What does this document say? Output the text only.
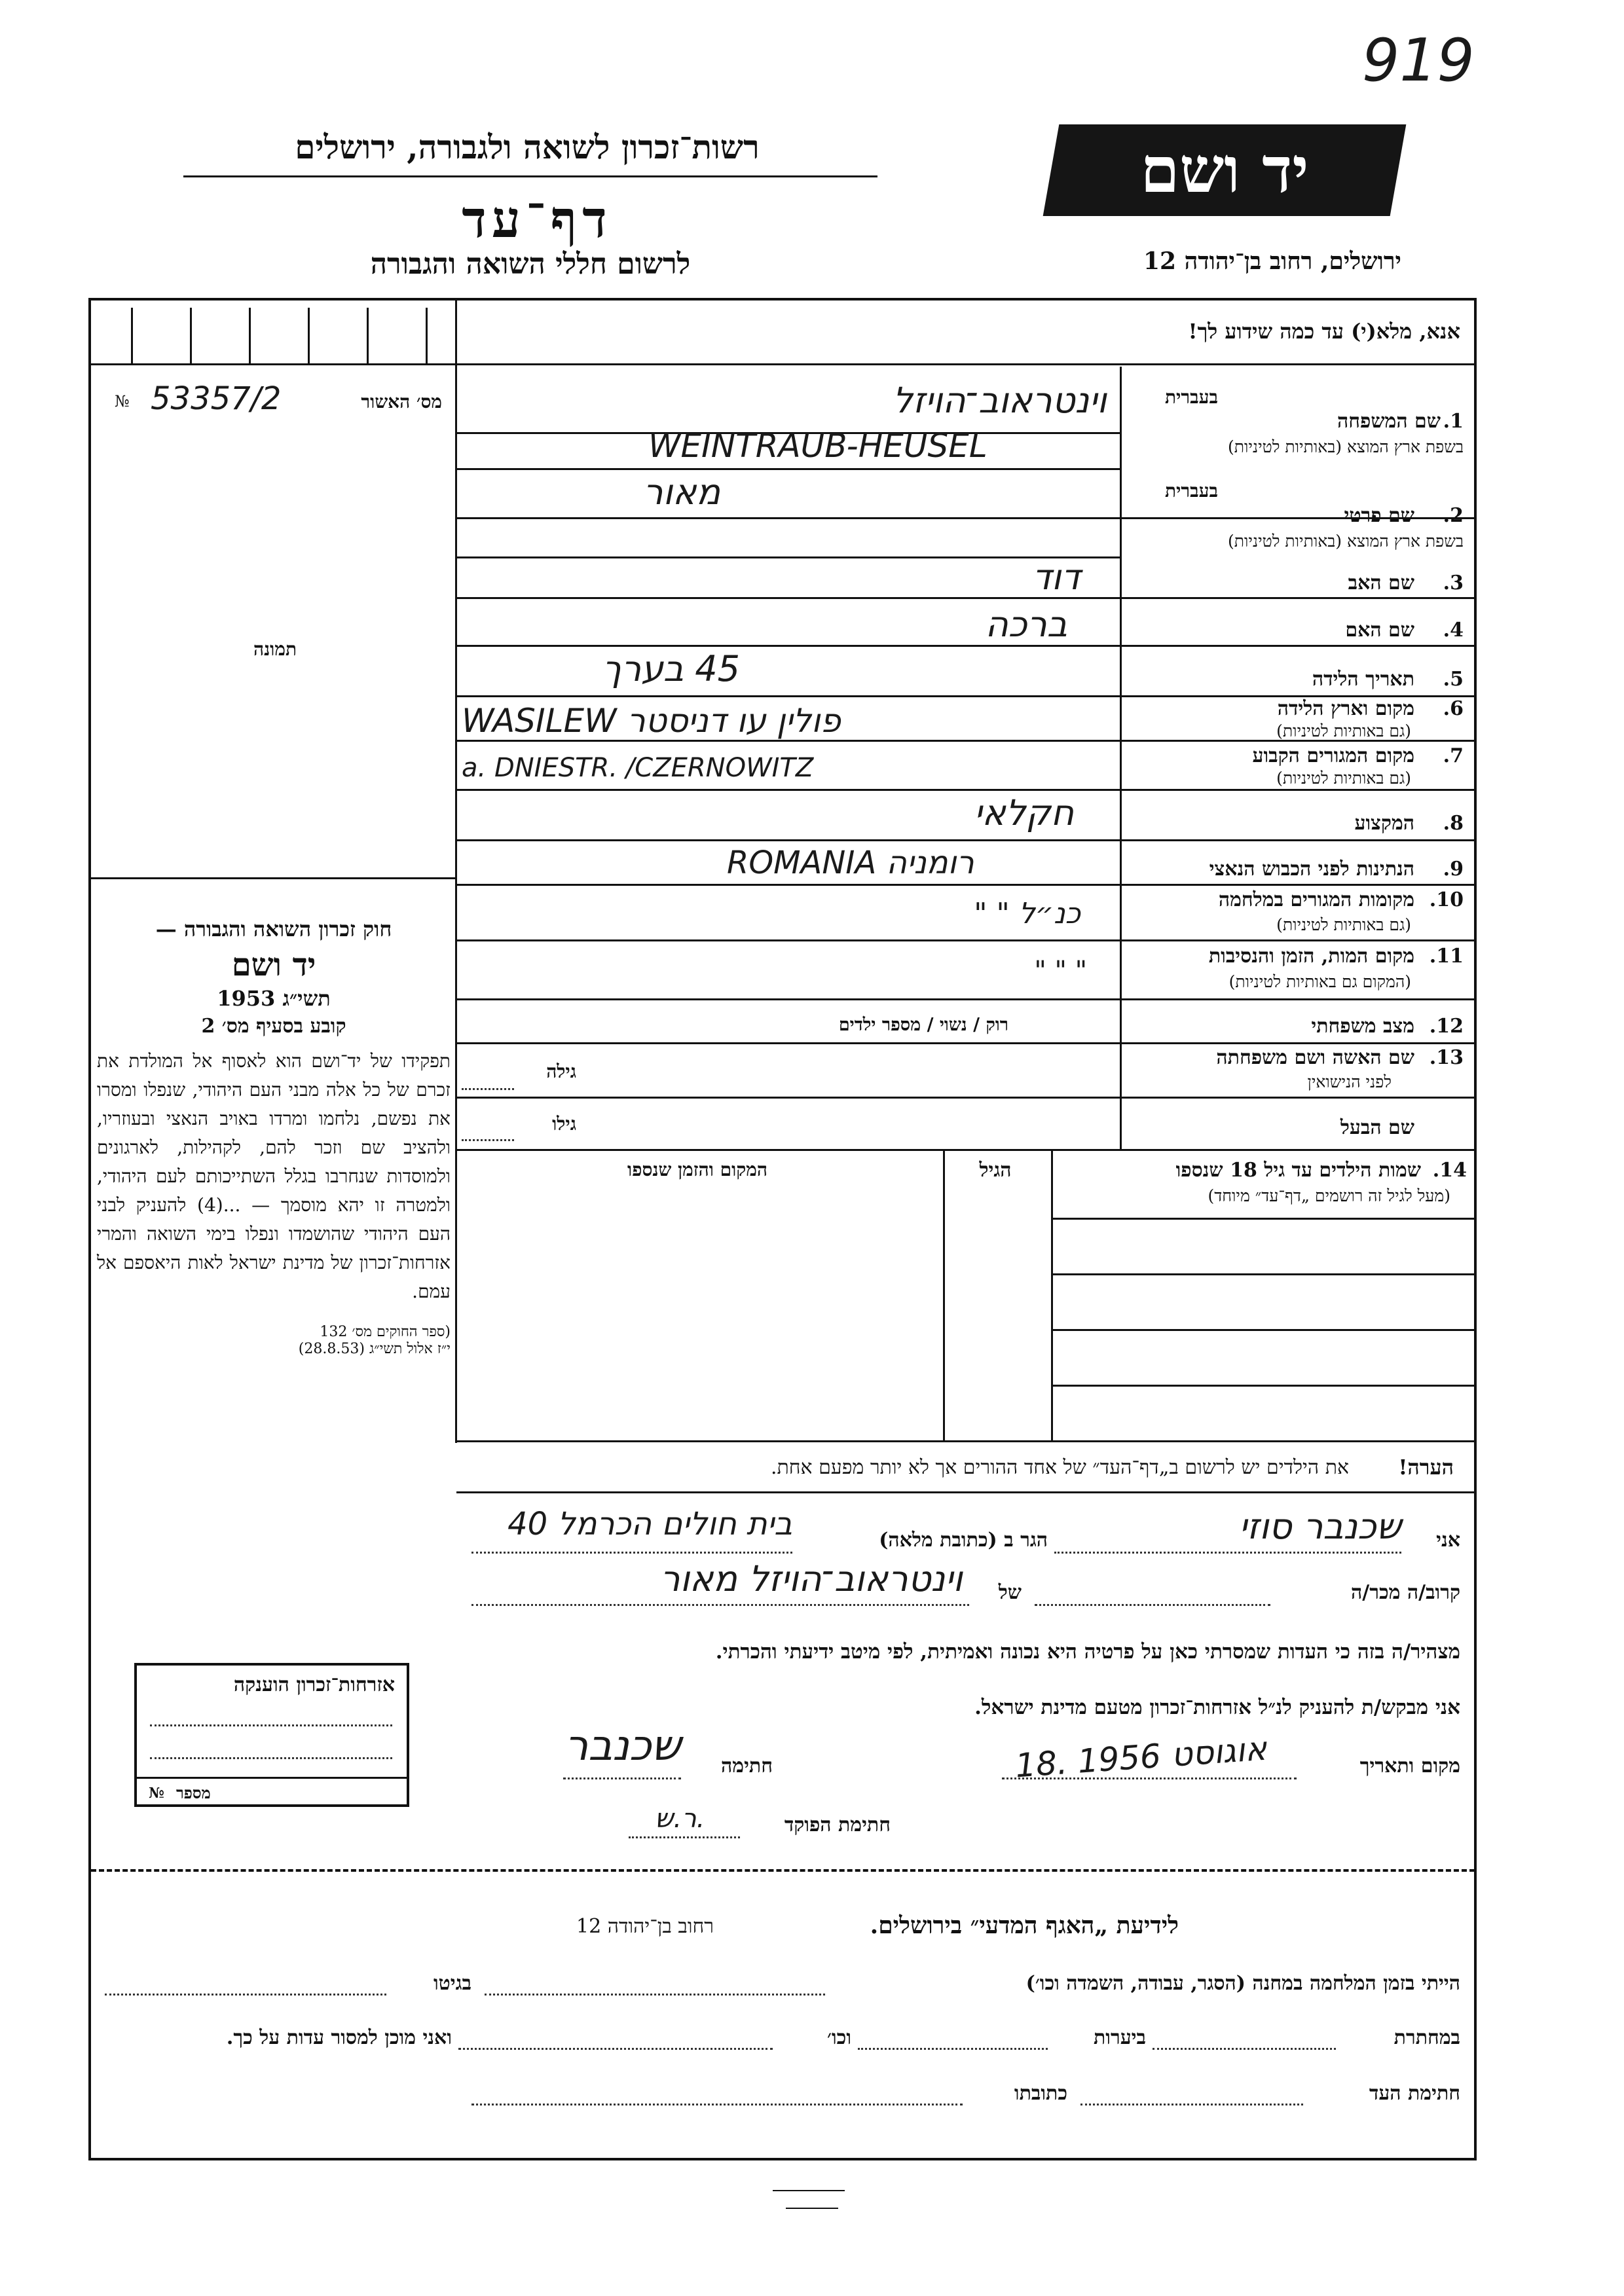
919
רשות־זכרון לשואה ולגבורה, ירושלים
דף־עד
לרשום חללי השואה והגבורה
יד ושם
ירושלים, רחוב בן־יהודה 12
אנא, מלא(י) עד כמה שידוע לך!
№ 53357/2	מס׳ האשור
תמונה
בעברית
שם המשפחה 1.
בשפת ארץ המוצא (באותיות לטיניות)
וינטראוב־הויזל
WEINTRAUB-HEUSEL
בעברית
שם פרטי	2.
בשפת ארץ המוצא (באותיות לטיניות)
מאור
שם האב	3.
דוד
שם האם	4.
ברכה
תאריך הלידה	5.
45 בערך
מקום וארץ הלידה	6.
(גם באותיות לטיניות)
WASILEW פולין עו דניסטר
מקום המגורים הקבוע	7.
(גם באותיות לטיניות)
a. DNIESTR. /CZERNOWITZ
המקצוע	8.
חקלאי
הנתינות לפני הכבוש הנאצי	9.
ROMANIA רומניה
מקומות המגורים במלחמה 10.
(גם באותיות לטיניות)
כנ״ל " "
מקום המות, הזמן והנסיבות 11.
(המקום גם באותיות לטיניות)
" " "
מצב משפחתי 12.
רוק / נשוי / מספר ילדים
שם האשה ושם משפחתה 13.
לפני הנישואין
גילה
שם הבעל
גילו
שמות הילדים עד גיל 18 שנספו 14.
(מעל לגיל זה רושמים „דף־עד״ מיוחד)
הגיל
המקום והזמן שנספו
הערה!
את הילדים יש לרשום ב„דף־העד״ של אחד ההורים אך לא יותר מפעם אחת.
חוק זכרון השואה והגבורה —
יד ושם
תשי״ג 1953
קובע בסעיף מס׳ 2
תפקידו של יד־ושם הוא לאסוף אל המולדת את זכרם של כל אלה מבני העם היהודי, שנפלו ומסרו את נפשם, נלחמו ומרדו באויב הנאצי ובעוזריו, ולהציב שם וזכר להם, לקהילות, לארגונים ולמוסדות שנחרבו בגלל השתייכותם לעם היהודי, ולמטרה זו יהא מוסמך — ...(4) להעניק לבני העם היהודי שהושמדו ונפלו בימי השואה והמרי אזרחות־זכרון של מדינת ישראל לאות היאספם אל עמם.
(ספר החוקים מס׳ 132
י״ז אלול תשי״ג (28.8.53)
אני
שכנבר סוזי
הגר ב (כתובת מלאה)
בית חולים הכרמל 40
קרוב/ה מכר/ה
של
וינטראוב־הויזל מאור
מצהיר/ה בזה כי העדות שמסרתי כאן על פרטיה היא נכונה ואמיתית, לפי מיטב ידיעתי והכרתי.
אני מבקש/ת להעניק לנ״ל אזרחות־זכרון מטעם מדינת ישראל.
מקום ותאריך
18. אוגוסט 1956
חתימה
שכנבר
חתימת הפוקד
ר.ש.
אזרחות־זכרון הוענקה
№ מספר
לידיעת „האגף המדעי״ בירושלים.
רחוב בן־יהודה 12
הייתי בזמן המלחמה במחנה (הסגר, עבודה, השמדה וכו׳)
בגיטו
במחתרת
ביערות
וכו׳
ואני מוכן למסור עדות על כך.
חתימת העד
כתובתו
